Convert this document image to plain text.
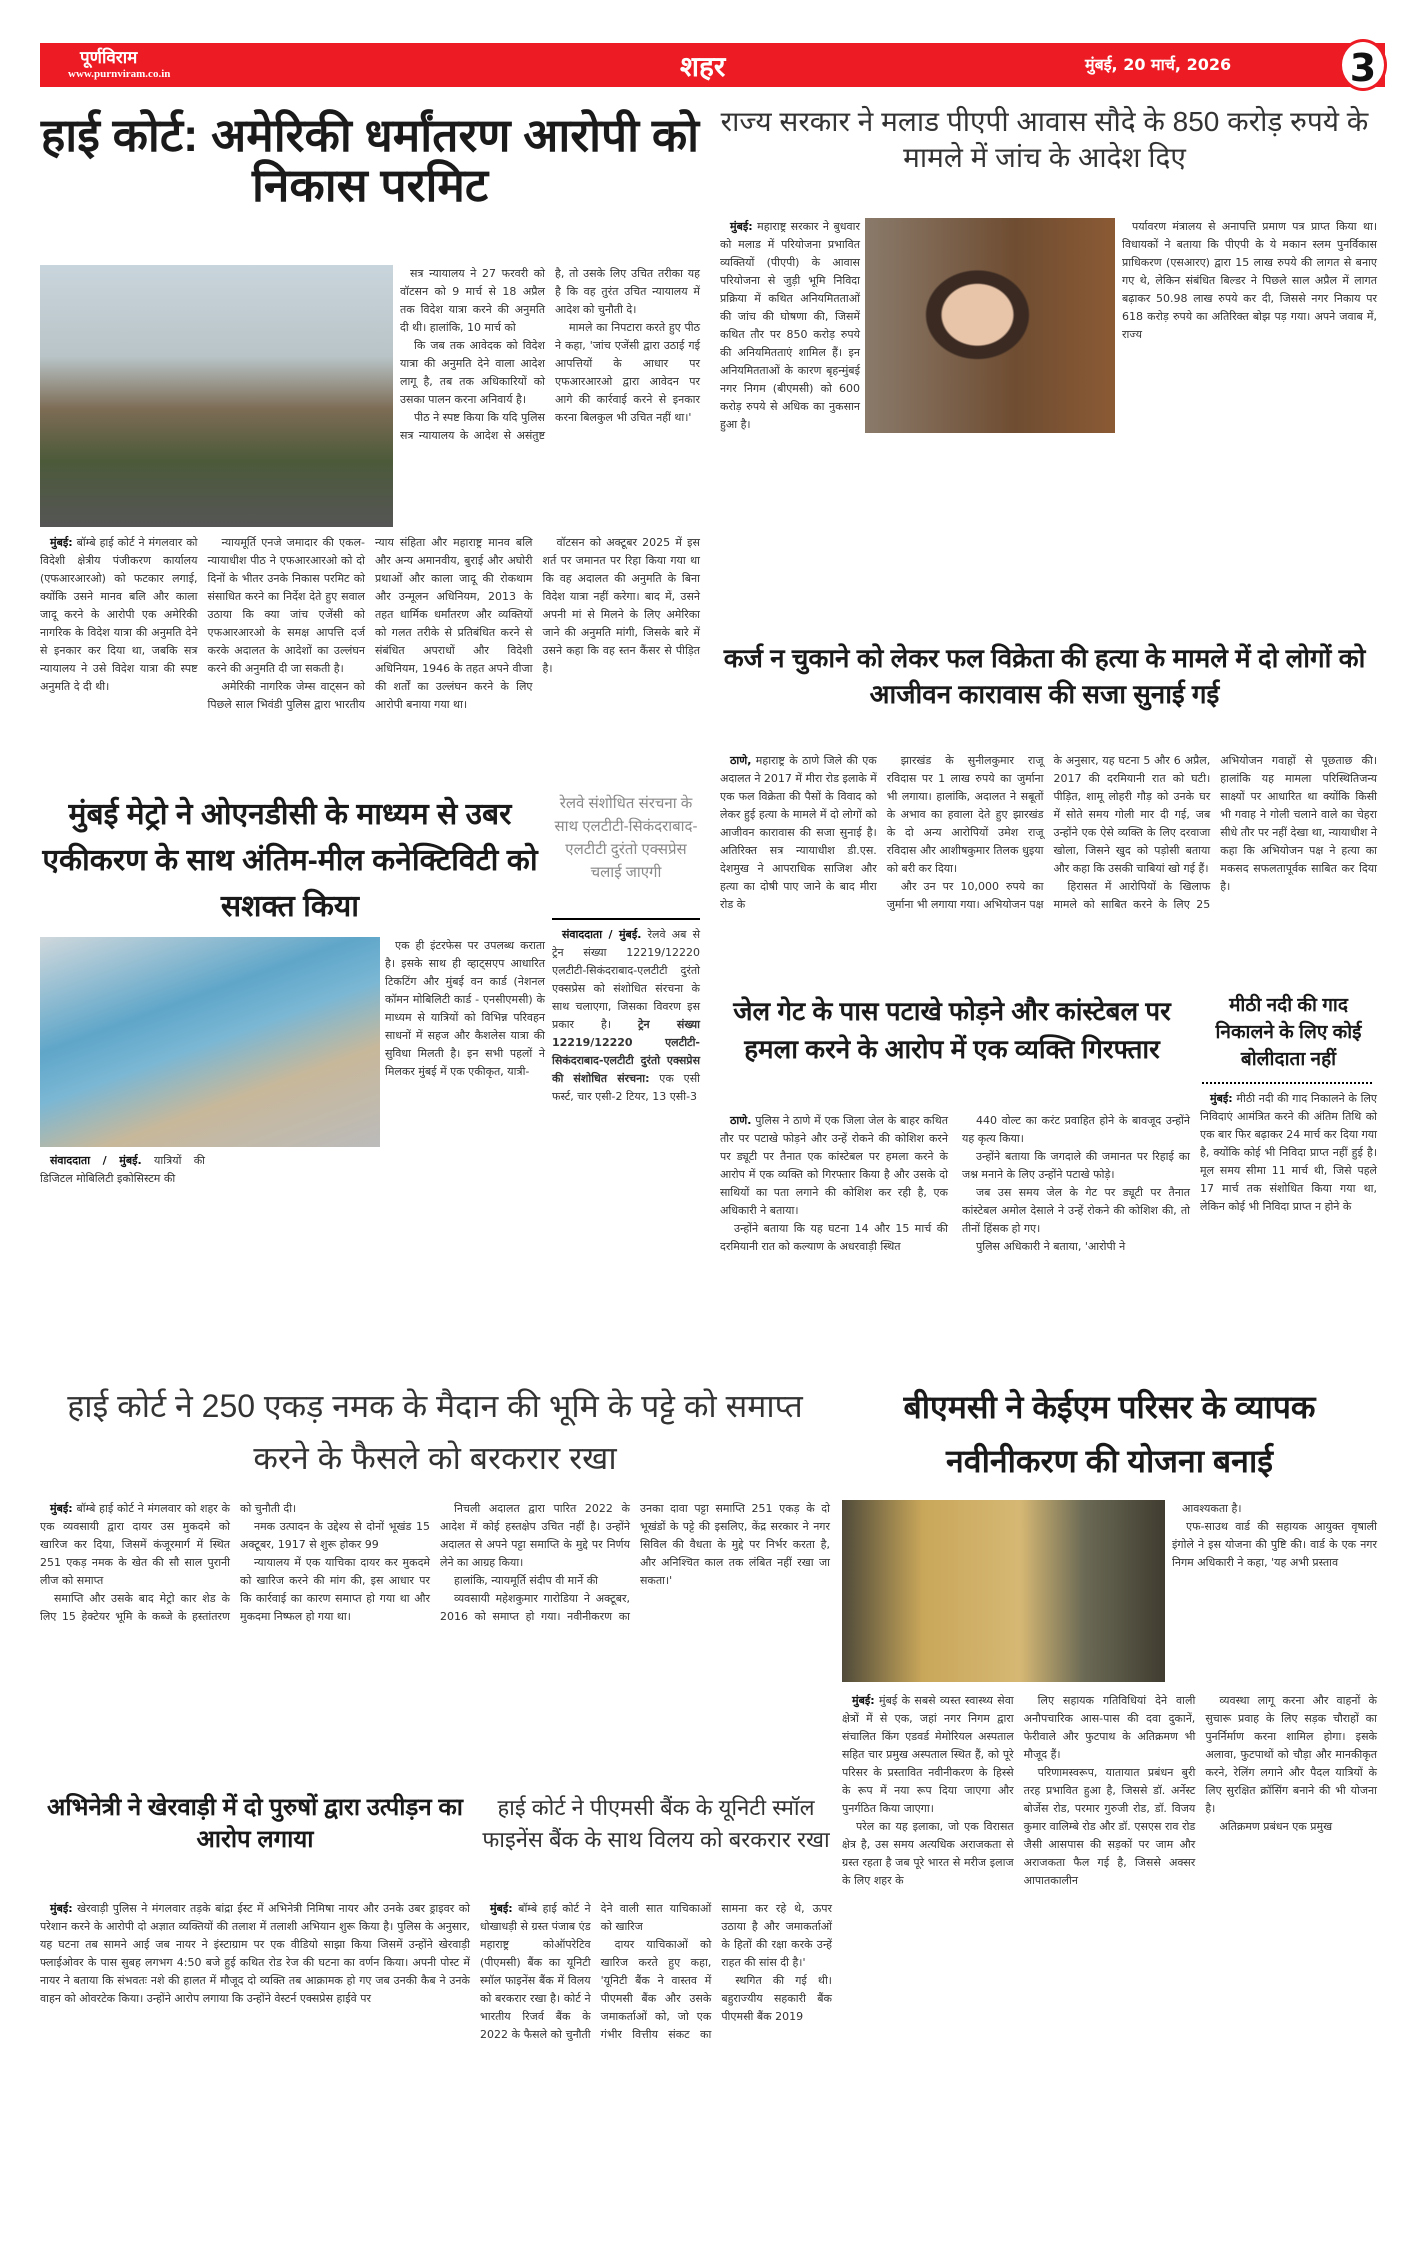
पूर्णविराम
www.purnviram.co.in	शहर	मुंबई, 20 मार्च, 2026	3
हाई कोर्ट: अमेरिकी धर्मांतरण आरोपी को निकास परमिट

सत्र न्यायालय ने 27 फरवरी को वॉटसन को 9 मार्च से 18 अप्रैल तक विदेश यात्रा करने की अनुमति दी थी। हालांकि, 10 मार्च को

कि जब तक आवेदक को विदेश यात्रा की अनुमति देने वाला आदेश लागू है, तब तक अधिकारियों को उसका पालन करना अनिवार्य है।

पीठ ने स्पष्ट किया कि यदि पुलिस सत्र न्यायालय के आदेश से असंतुष्ट है, तो उसके लिए उचित तरीका यह है कि वह तुरंत उचित न्यायालय में आदेश को चुनौती दे।

मामले का निपटारा करते हुए पीठ ने कहा, 'जांच एजेंसी द्वारा उठाई गई आपत्तियों के आधार पर एफआरआरओ द्वारा आवेदन पर आगे की कार्रवाई करने से इनकार करना बिलकुल भी उचित नहीं था।'

मुंबई: बॉम्बे हाई कोर्ट ने मंगलवार को विदेशी क्षेत्रीय पंजीकरण कार्यालय (एफआरआरओ) को फटकार लगाई, क्योंकि उसने मानव बलि और काला जादू करने के आरोपी एक अमेरिकी नागरिक के विदेश यात्रा की अनुमति देने से इनकार कर दिया था, जबकि सत्र न्यायालय ने उसे विदेश यात्रा की स्पष्ट अनुमति दे दी थी।

न्यायमूर्ति एनजे जमादार की एकल-न्यायाधीश पीठ ने एफआरआरओ को दो दिनों के भीतर उनके निकास परमिट को संसाधित करने का निर्देश देते हुए सवाल उठाया कि क्या जांच एजेंसी को एफआरआरओ के समक्ष आपत्ति दर्ज करके अदालत के आदेशों का उल्लंघन करने की अनुमति दी जा सकती है।

अमेरिकी नागरिक जेम्स वाट्सन को पिछले साल भिवंडी पुलिस द्वारा भारतीय न्याय संहिता और महाराष्ट्र मानव बलि और अन्य अमानवीय, बुराई और अघोरी प्रथाओं और काला जादू की रोकथाम और उन्मूलन अधिनियम, 2013 के तहत धार्मिक धर्मांतरण और व्यक्तियों को गलत तरीके से प्रतिबंधित करने से संबंधित अपराधों और विदेशी अधिनियम, 1946 के तहत अपने वीजा की शर्तों का उल्लंघन करने के लिए आरोपी बनाया गया था।

वॉटसन को अक्टूबर 2025 में इस शर्त पर जमानत पर रिहा किया गया था कि वह अदालत की अनुमति के बिना विदेश यात्रा नहीं करेगा। बाद में, उसने अपनी मां से मिलने के लिए अमेरिका जाने की अनुमति मांगी, जिसके बारे में उसने कहा कि वह स्तन कैंसर से पीड़ित है।

राज्य सरकार ने मलाड पीएपी आवास सौदे के 850 करोड़ रुपये के मामले में जांच के आदेश दिए

मुंबई: महाराष्ट्र सरकार ने बुधवार को मलाड में परियोजना प्रभावित व्यक्तियों (पीएपी) के आवास परियोजना से जुड़ी भूमि निविदा प्रक्रिया में कथित अनियमितताओं की जांच की घोषणा की, जिसमें कथित तौर पर 850 करोड़ रुपये की अनियमितताएं शामिल हैं। इन अनियमितताओं के कारण बृहन्मुंबई नगर निगम (बीएमसी) को 600 करोड़ रुपये से अधिक का नुकसान हुआ है।

पर्यावरण मंत्रालय से अनापत्ति प्रमाण पत्र प्राप्त किया था। विधायकों ने बताया कि पीएपी के ये मकान स्लम पुनर्विकास प्राधिकरण (एसआरए) द्वारा 15 लाख रुपये की लागत से बनाए गए थे, लेकिन संबंधित बिल्डर ने पिछले साल अप्रैल में लागत बढ़ाकर 50.98 लाख रुपये कर दी, जिससे नगर निकाय पर 618 करोड़ रुपये का अतिरिक्त बोझ पड़ गया। अपने जवाब में, राज्य

कर्ज न चुकाने को लेकर फल विक्रेता की हत्या के मामले में दो लोगों को आजीवन कारावास की सजा सुनाई गई

ठाणे, महाराष्ट्र के ठाणे जिले की एक अदालत ने 2017 में मीरा रोड इलाके में एक फल विक्रेता की पैसों के विवाद को लेकर हुई हत्या के मामले में दो लोगों को आजीवन कारावास की सजा सुनाई है। अतिरिक्त सत्र न्यायाधीश डी.एस. देशमुख ने आपराधिक साजिश और हत्या का दोषी पाए जाने के बाद मीरा रोड के

झारखंड के सुनीलकुमार राजू रविदास पर 1 लाख रुपये का जुर्माना भी लगाया। हालांकि, अदालत ने सबूतों के अभाव का हवाला देते हुए झारखंड के दो अन्य आरोपियों उमेश राजू रविदास और आशीषकुमार तिलक धुइया को बरी कर दिया।

और उन पर 10,000 रुपये का जुर्माना भी लगाया गया। अभियोजन पक्ष के अनुसार, यह घटना 5 और 6 अप्रैल, 2017 की दरमियानी रात को घटी। पीड़ित, शामू लोहरी गौड़ को उनके घर में सोते समय गोली मार दी गई, जब उन्होंने एक ऐसे व्यक्ति के लिए दरवाजा खोला, जिसने खुद को पड़ोसी बताया और कहा कि उसकी चाबियां खो गई हैं।

हिरासत में आरोपियों के खिलाफ मामले को साबित करने के लिए 25 अभियोजन गवाहों से पूछताछ की। हालांकि यह मामला परिस्थितिजन्य साक्ष्यों पर आधारित था क्योंकि किसी भी गवाह ने गोली चलाने वाले का चेहरा सीधे तौर पर नहीं देखा था, न्यायाधीश ने कहा कि अभियोजन पक्ष ने हत्या का मकसद सफलतापूर्वक साबित कर दिया है।

मुंबई मेट्रो ने ओएनडीसी के माध्यम से उबर एकीकरण के साथ अंतिम-मील कनेक्टिविटी को सशक्त किया

एक ही इंटरफेस पर उपलब्ध कराता है। इसके साथ ही व्हाट्सएप आधारित टिकटिंग और मुंबई वन कार्ड (नेशनल कॉमन मोबिलिटी कार्ड - एनसीएमसी) के माध्यम से यात्रियों को विभिन्न परिवहन साधनों में सहज और कैशलेस यात्रा की सुविधा मिलती है। इन सभी पहलों ने मिलकर मुंबई में एक एकीकृत, यात्री-

संवाददाता / मुंबई. यात्रियों की डिजिटल मोबिलिटी इकोसिस्टम की

रेलवे संशोधित संरचना के साथ एलटीटी-सिकंदराबाद-एलटीटी दुरंतो एक्सप्रेस चलाई जाएगी

संवाददाता / मुंबई. रेलवे अब से ट्रेन संख्या 12219/12220 एलटीटी-सिकंदराबाद-एलटीटी दुरंतो एक्सप्रेस को संशोधित संरचना के साथ चलाएगा, जिसका विवरण इस प्रकार है। ट्रेन संख्या 12219/12220 एलटीटी-सिकंदराबाद-एलटीटी दुरंतो एक्सप्रेस की संशोधित संरचना: एक एसी फर्स्ट, चार एसी-2 टियर, 13 एसी-3

जेल गेट के पास पटाखे फोड़ने और कांस्टेबल पर हमला करने के आरोप में एक व्यक्ति गिरफ्तार

ठाणे. पुलिस ने ठाणे में एक जिला जेल के बाहर कथित तौर पर पटाखे फोड़ने और उन्हें रोकने की कोशिश करने पर ड्यूटी पर तैनात एक कांस्टेबल पर हमला करने के आरोप में एक व्यक्ति को गिरफ्तार किया है और उसके दो साथियों का पता लगाने की कोशिश कर रही है, एक अधिकारी ने बताया।

उन्होंने बताया कि यह घटना 14 और 15 मार्च की दरमियानी रात को कल्याण के अधरवाड़ी स्थित

440 वोल्ट का करंट प्रवाहित होने के बावजूद उन्होंने यह कृत्य किया।

उन्होंने बताया कि जगदाले की जमानत पर रिहाई का जश्न मनाने के लिए उन्होंने पटाखे फोड़े।

जब उस समय जेल के गेट पर ड्यूटी पर तैनात कांस्टेबल अमोल देसाले ने उन्हें रोकने की कोशिश की, तो तीनों हिंसक हो गए।

पुलिस अधिकारी ने बताया, 'आरोपी ने

मीठी नदी की गाद निकालने के लिए कोई बोलीदाता नहीं

मुंबई: मीठी नदी की गाद निकालने के लिए निविदाएं आमंत्रित करने की अंतिम तिथि को एक बार फिर बढ़ाकर 24 मार्च कर दिया गया है, क्योंकि कोई भी निविदा प्राप्त नहीं हुई है। मूल समय सीमा 11 मार्च थी, जिसे पहले 17 मार्च तक संशोधित किया गया था, लेकिन कोई भी निविदा प्राप्त न होने के

हाई कोर्ट ने 250 एकड़ नमक के मैदान की भूमि के पट्टे को समाप्त करने के फैसले को बरकरार रखा

मुंबई: बॉम्बे हाई कोर्ट ने मंगलवार को शहर के एक व्यवसायी द्वारा दायर उस मुकदमे को खारिज कर दिया, जिसमें कंजूरमार्ग में स्थित 251 एकड़ नमक के खेत की सौ साल पुरानी लीज को समाप्त

समाप्ति और उसके बाद मेट्रो कार शेड के लिए 15 हेक्टेयर भूमि के कब्जे के हस्तांतरण को चुनौती दी।

नमक उत्पादन के उद्देश्य से दोनों भूखंड 15 अक्टूबर, 1917 से शुरू होकर 99

न्यायालय में एक याचिका दायर कर मुकदमे को खारिज करने की मांग की, इस आधार पर कि कार्रवाई का कारण समाप्त हो गया था और मुकदमा निष्फल हो गया था।

निचली अदालत द्वारा पारित 2022 के आदेश में कोई हस्तक्षेप उचित नहीं है। उन्होंने अदालत से अपने पट्टा समाप्ति के मुद्दे पर निर्णय लेने का आग्रह किया।

हालांकि, न्यायमूर्ति संदीप वी मार्ने की

व्यवसायी महेशकुमार गारोडिया ने अक्टूबर, 2016 को समाप्त हो गया। नवीनीकरण का उनका दावा पट्टा समाप्ति 251 एकड़ के दो भूखंडों के पट्टे की इसलिए, केंद्र सरकार ने नगर सिविल की वैधता के मुद्दे पर निर्भर करता है, और अनिश्चित काल तक लंबित नहीं रखा जा सकता।'

बीएमसी ने केईएम परिसर के व्यापक नवीनीकरण की योजना बनाई

आवश्यकता है।

एफ-साउथ वार्ड की सहायक आयुक्त वृषाली इंगोले ने इस योजना की पुष्टि की। वार्ड के एक नगर निगम अधिकारी ने कहा, 'यह अभी प्रस्ताव

मुंबई: मुंबई के सबसे व्यस्त स्वास्थ्य सेवा क्षेत्रों में से एक, जहां नगर निगम द्वारा संचालित किंग एडवर्ड मेमोरियल अस्पताल सहित चार प्रमुख अस्पताल स्थित हैं, को पूरे परिसर के प्रस्तावित नवीनीकरण के हिस्से के रूप में नया रूप दिया जाएगा और पुनर्गठित किया जाएगा।

परेल का यह इलाका, जो एक विरासत क्षेत्र है, उस समय अत्यधिक अराजकता से ग्रस्त रहता है जब पूरे भारत से मरीज इलाज के लिए शहर के

लिए सहायक गतिविधियां देने वाली अनौपचारिक आस-पास की दवा दुकानें, फेरीवाले और फुटपाथ के अतिक्रमण भी मौजूद हैं।

परिणामस्वरूप, यातायात प्रबंधन बुरी तरह प्रभावित हुआ है, जिससे डॉ. अर्नेस्ट बोर्जेस रोड, परमार गुरुजी रोड, डॉ. विजय कुमार वालिम्बे रोड और डॉ. एसएस राव रोड जैसी आसपास की सड़कों पर जाम और अराजकता फैल गई है, जिससे अक्सर आपातकालीन

व्यवस्था लागू करना और वाहनों के सुचारू प्रवाह के लिए सड़क चौराहों का पुनर्निर्माण करना शामिल होगा। इसके अलावा, फुटपाथों को चौड़ा और मानकीकृत करने, रेलिंग लगाने और पैदल यात्रियों के लिए सुरक्षित क्रॉसिंग बनाने की भी योजना है।

अतिक्रमण प्रबंधन एक प्रमुख

अभिनेत्री ने खेरवाड़ी में दो पुरुषों द्वारा उत्पीड़न का आरोप लगाया

मुंबई: खेरवाड़ी पुलिस ने मंगलवार तड़के बांद्रा ईस्ट में अभिनेत्री निमिषा नायर और उनके उबर ड्राइवर को परेशान करने के आरोपी दो अज्ञात व्यक्तियों की तलाश में तलाशी अभियान शुरू किया है। पुलिस के अनुसार, यह घटना तब सामने आई जब नायर ने इंस्टाग्राम पर एक वीडियो साझा किया जिसमें उन्होंने खेरवाड़ी फ्लाईओवर के पास सुबह लगभग 4:50 बजे हुई कथित रोड रेज की घटना का वर्णन किया। अपनी पोस्ट में नायर ने बताया कि संभवतः नशे की हालत में मौजूद दो व्यक्ति तब आक्रामक हो गए जब उनकी कैब ने उनके वाहन को ओवरटेक किया। उन्होंने आरोप लगाया कि उन्होंने वेस्टर्न एक्सप्रेस हाईवे पर

हाई कोर्ट ने पीएमसी बैंक के यूनिटी स्मॉल फाइनेंस बैंक के साथ विलय को बरकरार रखा

मुंबई: बॉम्बे हाई कोर्ट ने धोखाधड़ी से ग्रस्त पंजाब एंड महाराष्ट्र कोऑपरेटिव (पीएमसी) बैंक का यूनिटी स्मॉल फाइनेंस बैंक में विलय को बरकरार रखा है। कोर्ट ने भारतीय रिजर्व बैंक के 2022 के फैसले को चुनौती देने वाली सात याचिकाओं को खारिज

दायर याचिकाओं को खारिज करते हुए कहा, 'यूनिटी बैंक ने वास्तव में पीएमसी बैंक और उसके जमाकर्ताओं को, जो एक गंभीर वित्तीय संकट का सामना कर रहे थे, ऊपर उठाया है और जमाकर्ताओं के हितों की रक्षा करके उन्हें राहत की सांस दी है।'

स्थगित की गई थी। बहुराज्यीय सहकारी बैंक पीएमसी बैंक 2019
